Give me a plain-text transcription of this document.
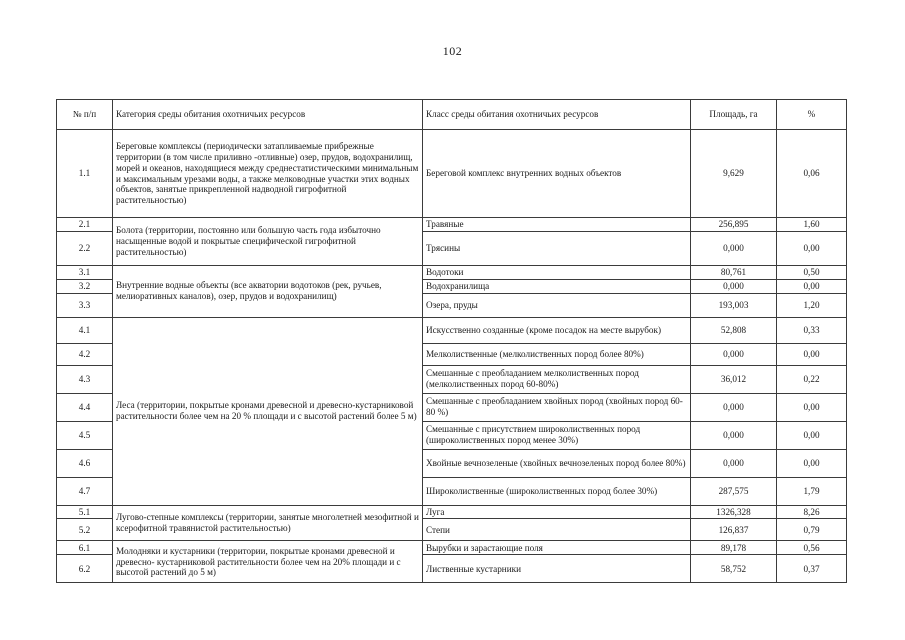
102
№ п/п	Категория среды обитания охотничьих ресурсов	Класс среды обитания охотничьих ресурсов	Площадь, га	%
1.1	Береговые комплексы (периодически затапливаемые прибрежные территории (в том числе приливно -отливные) озер, прудов, водохранилищ, морей и океанов, находящиеся между среднестатистическими минимальным и максимальным урезами воды, а также мелководные участки этих водных объектов, занятые прикрепленной надводной гигрофитной растительностью)	Береговой комплекс внутренних водных объектов	9,629	0,06
2.1	Болота (территории, постоянно или большую часть года избыточно насыщенные водой и покрытые специфической гигрофитной растительностью)	Травяные	256,895	1,60
2.2		Трясины	0,000	0,00
3.1	Внутренние водные объекты (все акватории водотоков (рек, ручьев, мелиоративных каналов), озер, прудов и водохранилищ)	Водотоки	80,761	0,50
3.2		Водохранилища	0,000	0,00
3.3		Озера, пруды	193,003	1,20
4.1	Леса (территории, покрытые кронами древесной и древесно-кустарниковой растительности более чем на 20 % площади и с высотой растений более 5 м)	Искусственно созданные (кроме посадок на месте вырубок)	52,808	0,33
4.2		Мелколиственные (мелколиственных пород более 80%)	0,000	0,00
4.3		Смешанные с преобладанием мелколиственных пород (мелколиственных пород 60-80%)	36,012	0,22
4.4		Смешанные с преобладанием хвойных пород (хвойных пород 60-80 %)	0,000	0,00
4.5		Смешанные с присутствием широколиственных пород (широколиственных пород менее 30%)	0,000	0,00
4.6		Хвойные вечнозеленые (хвойных вечнозеленых пород более 80%)	0,000	0,00
4.7		Широколиственные (широколиственных пород более 30%)	287,575	1,79
5.1	Лугово-степные комплексы (территории, занятые многолетней мезофитной и ксерофитной травянистой растительностью)	Луга	1326,328	8,26
5.2		Степи	126,837	0,79
6.1	Молодняки и кустарники (территории, покрытые кронами древесной и древесно- кустарниковой растительности более чем на 20% площади и с высотой растений до 5 м)	Вырубки и зарастающие поля	89,178	0,56
6.2		Лиственные кустарники	58,752	0,37
